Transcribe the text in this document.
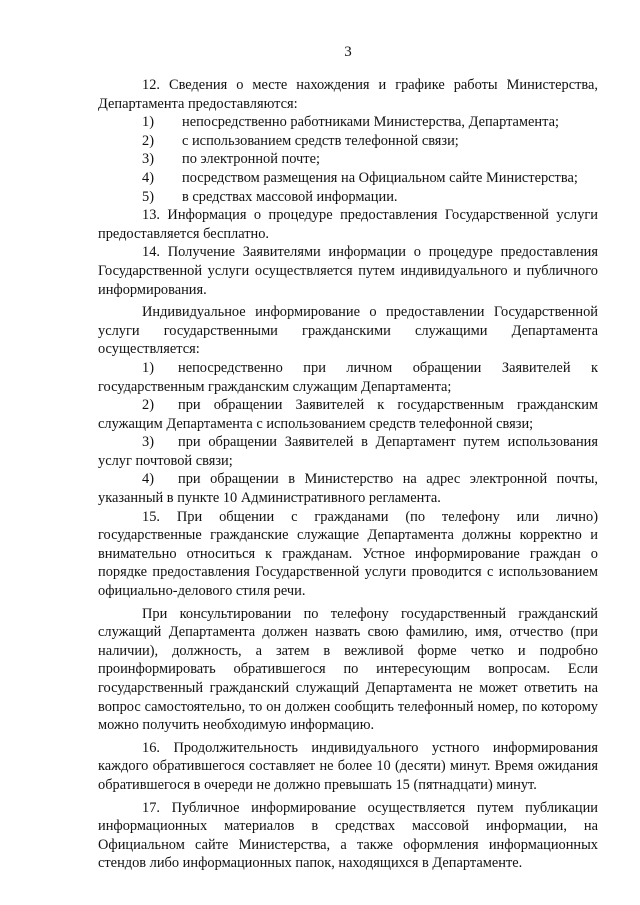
3

12. Сведения о месте нахождения и графике работы Министерства, Департамента предоставляются:

1) непосредственно работниками Министерства, Департамента;

2) с использованием средств телефонной связи;

3) по электронной почте;

4) посредством размещения на Официальном сайте Министерства;

5) в средствах массовой информации.

13. Информация о процедуре предоставления Государственной услуги предоставляется бесплатно.

14. Получение Заявителями информации о процедуре предоставления Государственной услуги осуществляется путем индивидуального и публичного информирования.

Индивидуальное информирование о предоставлении Государственной услуги государственными гражданскими служащими Департамента осуществляется:

1) непосредственно при личном обращении Заявителей к государственным гражданским служащим Департамента;

2) при обращении Заявителей к государственным гражданским служащим Департамента с использованием средств телефонной связи;

3) при обращении Заявителей в Департамент путем использования услуг почтовой связи;

4) при обращении в Министерство на адрес электронной почты, указанный в пункте 10 Административного регламента.

15. При общении с гражданами (по телефону или лично) государственные гражданские служащие Департамента должны корректно и внимательно относиться к гражданам. Устное информирование граждан о порядке предоставления Государственной услуги проводится с использованием официально-делового стиля речи.

При консультировании по телефону государственный гражданский служащий Департамента должен назвать свою фамилию, имя, отчество (при наличии), должность, а затем в вежливой форме четко и подробно проинформировать обратившегося по интересующим вопросам. Если государственный гражданский служащий Департамента не может ответить на вопрос самостоятельно, то он должен сообщить телефонный номер, по которому можно получить необходимую информацию.

16. Продолжительность индивидуального устного информирования каждого обратившегося составляет не более 10 (десяти) минут. Время ожидания обратившегося в очереди не должно превышать 15 (пятнадцати) минут.

17. Публичное информирование осуществляется путем публикации информационных материалов в средствах массовой информации, на Официальном сайте Министерства, а также оформления информационных стендов либо информационных папок, находящихся в Департаменте.
